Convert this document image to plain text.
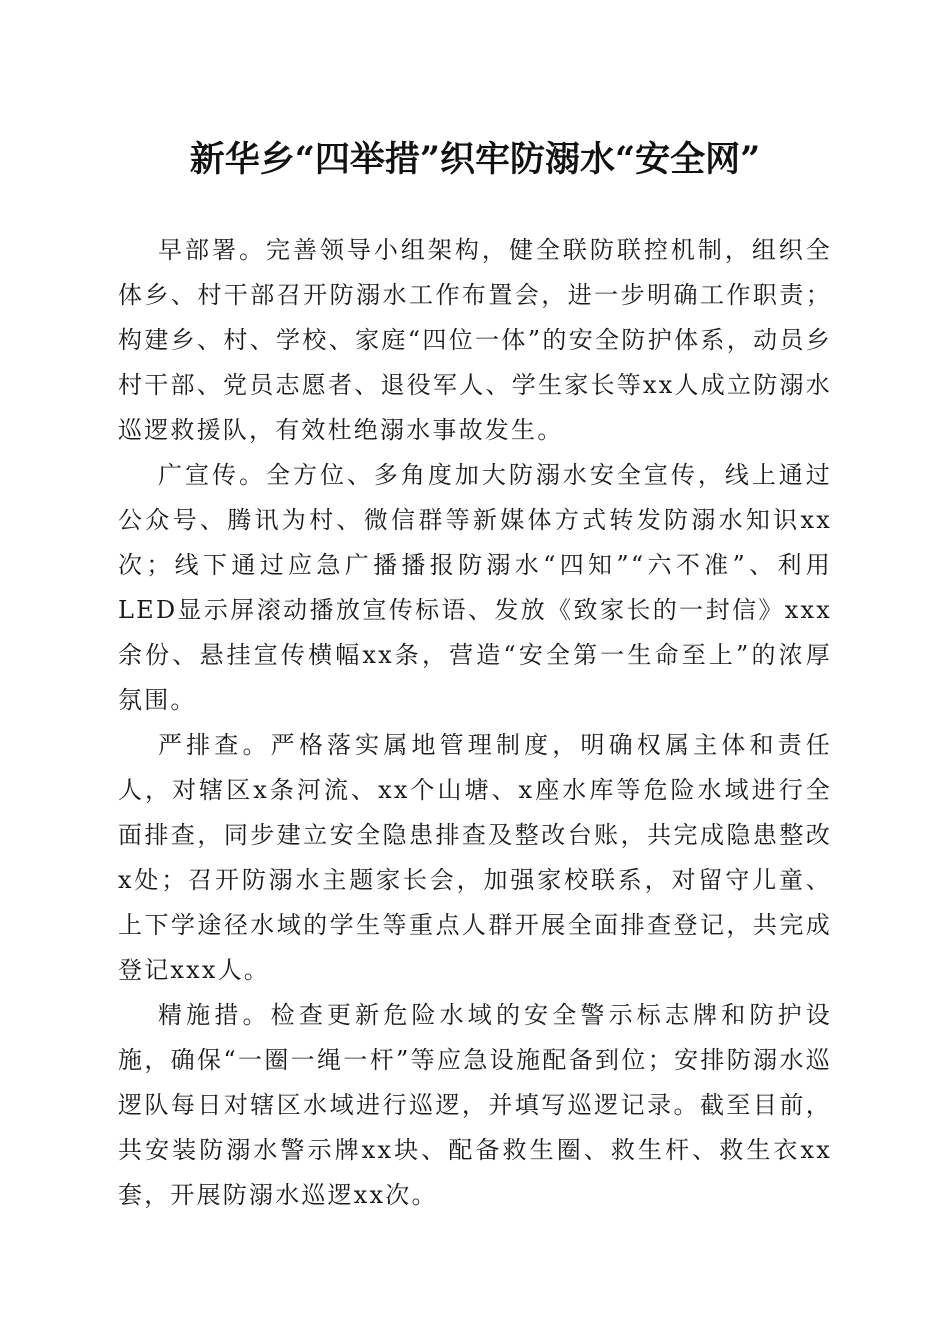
新华乡“四举措”织牢防溺水“安全网”

早部署。完善领导小组架构，健全联防联控机制，组织全体乡、村干部召开防溺水工作布置会，进一步明确工作职责；构建乡、村、学校、家庭“四位一体”的安全防护体系，动员乡村干部、党员志愿者、退役军人、学生家长等xx人成立防溺水巡逻救援队，有效杜绝溺水事故发生。

广宣传。全方位、多角度加大防溺水安全宣传，线上通过公众号、腾讯为村、微信群等新媒体方式转发防溺水知识xx次；线下通过应急广播播报防溺水“四知”“六不准”、利用LED显示屏滚动播放宣传标语、发放《致家长的一封信》xxx余份、悬挂宣传横幅xx条，营造“安全第一生命至上”的浓厚氛围。

严排查。严格落实属地管理制度，明确权属主体和责任人，对辖区x条河流、xx个山塘、x座水库等危险水域进行全面排查，同步建立安全隐患排查及整改台账，共完成隐患整改x处；召开防溺水主题家长会，加强家校联系，对留守儿童、上下学途径水域的学生等重点人群开展全面排查登记，共完成登记xxx人。

精施措。检查更新危险水域的安全警示标志牌和防护设施，确保“一圈一绳一杆”等应急设施配备到位；安排防溺水巡逻队每日对辖区水域进行巡逻，并填写巡逻记录。截至目前，共安装防溺水警示牌xx块、配备救生圈、救生杆、救生衣xx套，开展防溺水巡逻xx次。
